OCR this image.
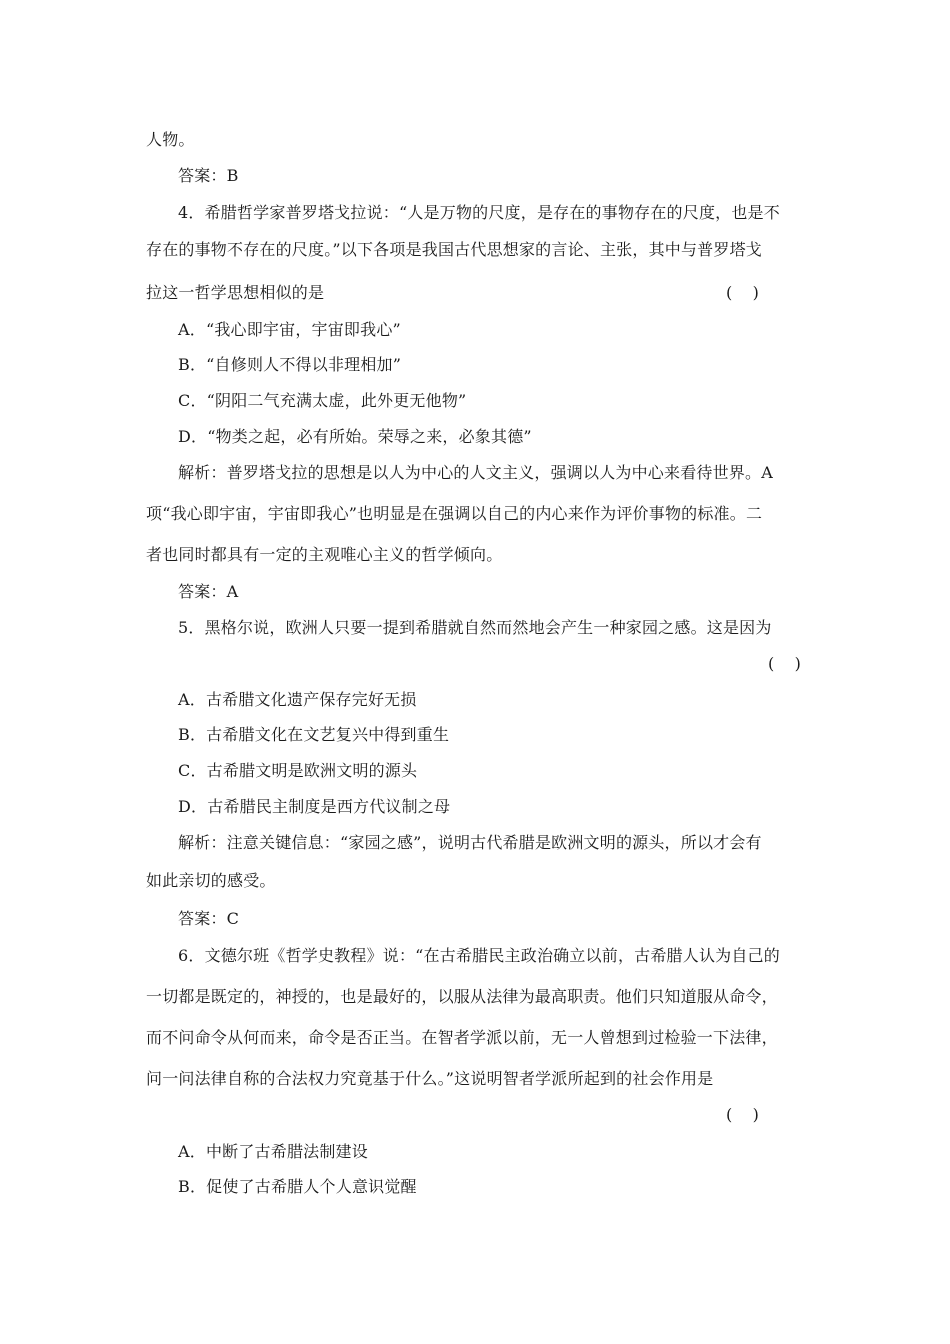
人物。
答案：B
4．希腊哲学家普罗塔戈拉说：“人是万物的尺度，是存在的事物存在的尺度，也是不
存在的事物不存在的尺度。”以下各项是我国古代思想家的言论、主张，其中与普罗塔戈
拉这一哲学思想相似的是	(    )
A．“我心即宇宙，宇宙即我心”
B．“自修则人不得以非理相加”
C．“阴阳二气充满太虚，此外更无他物”
D．“物类之起，必有所始。荣辱之来，必象其德”
解析：普罗塔戈拉的思想是以人为中心的人文主义，强调以人为中心来看待世界。A
项“我心即宇宙，宇宙即我心”也明显是在强调以自己的内心来作为评价事物的标准。二
者也同时都具有一定的主观唯心主义的哲学倾向。
答案：A
5．黑格尔说，欧洲人只要一提到希腊就自然而然地会产生一种家园之感。这是因为
(    )
A．古希腊文化遗产保存完好无损
B．古希腊文化在文艺复兴中得到重生
C．古希腊文明是欧洲文明的源头
D．古希腊民主制度是西方代议制之母
解析：注意关键信息：“家园之感”，说明古代希腊是欧洲文明的源头，所以才会有
如此亲切的感受。
答案：C
6．文德尔班《哲学史教程》说：“在古希腊民主政治确立以前，古希腊人认为自己的
一切都是既定的，神授的，也是最好的，以服从法律为最高职责。他们只知道服从命令，
而不问命令从何而来，命令是否正当。在智者学派以前，无一人曾想到过检验一下法律，
问一问法律自称的合法权力究竟基于什么。”这说明智者学派所起到的社会作用是
(    )
A．中断了古希腊法制建设
B．促使了古希腊人个人意识觉醒
